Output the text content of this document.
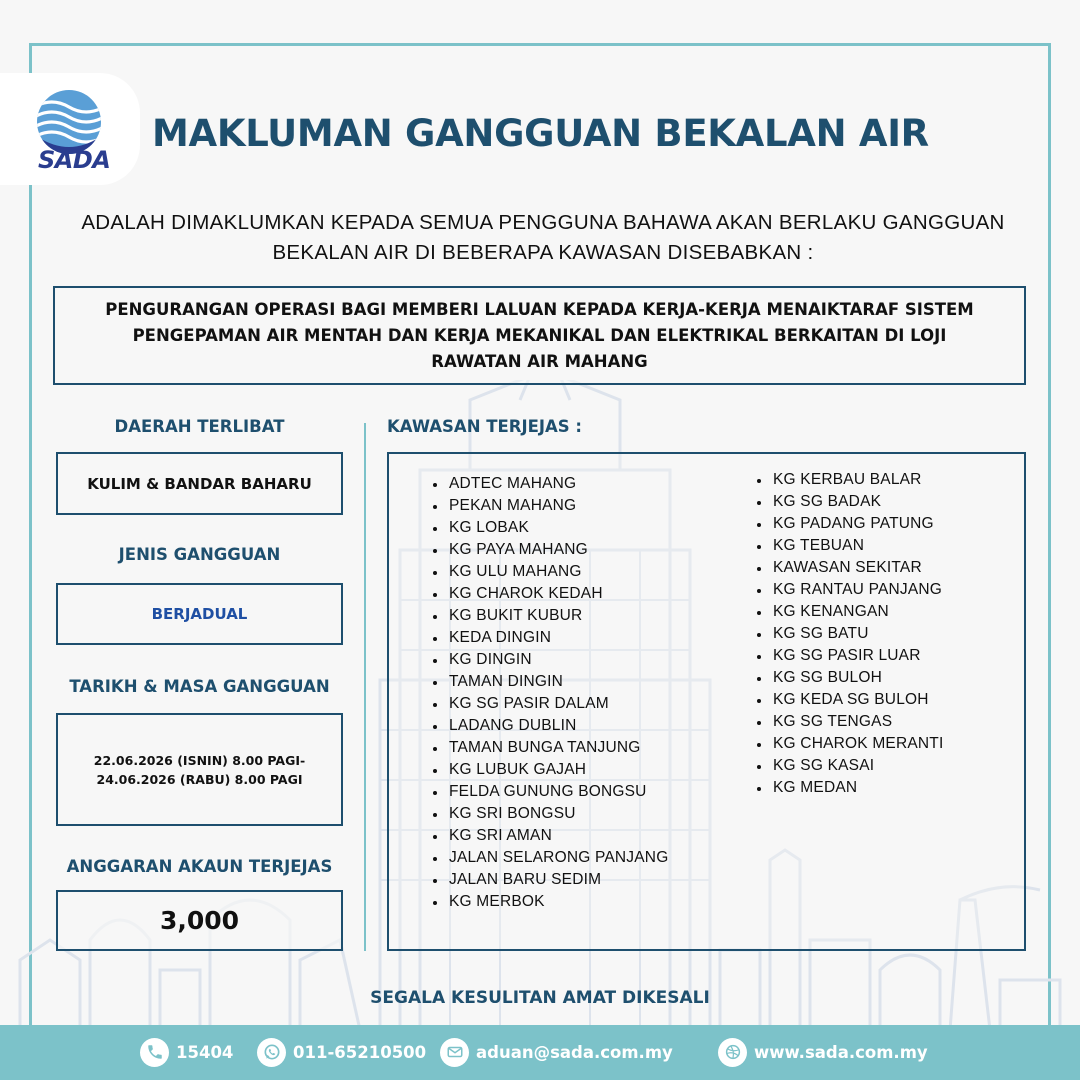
SADA
MAKLUMAN GANGGUAN BEKALAN AIR
ADALAH DIMAKLUMKAN KEPADA SEMUA PENGGUNA BAHAWA AKAN BERLAKU GANGGUAN BEKALAN AIR DI BEBERAPA KAWASAN DISEBABKAN :
PENGURANGAN OPERASI BAGI MEMBERI LALUAN KEPADA KERJA-KERJA MENAIKTARAF SISTEM PENGEPAMAN AIR MENTAH DAN KERJA MEKANIKAL DAN ELEKTRIKAL BERKAITAN DI LOJI RAWATAN AIR MAHANG
DAERAH TERLIBAT
KULIM & BANDAR BAHARU
JENIS GANGGUAN
BERJADUAL
TARIKH & MASA GANGGUAN
22.06.2026 (ISNIN) 8.00 PAGI- 24.06.2026 (RABU) 8.00 PAGI
ANGGARAN AKAUN TERJEJAS
3,000
KAWASAN TERJEJAS :
ADTEC MAHANG
PEKAN MAHANG
KG LOBAK
KG PAYA MAHANG
KG ULU MAHANG
KG CHAROK KEDAH
KG BUKIT KUBUR
KEDA DINGIN
KG DINGIN
TAMAN DINGIN
KG SG PASIR DALAM
LADANG DUBLIN
TAMAN BUNGA TANJUNG
KG LUBUK GAJAH
FELDA GUNUNG BONGSU
KG SRI BONGSU
KG SRI AMAN
JALAN SELARONG PANJANG
JALAN BARU SEDIM
KG MERBOK
KG KERBAU BALAR
KG SG BADAK
KG PADANG PATUNG
KG TEBUAN
KAWASAN SEKITAR
KG RANTAU PANJANG
KG KENANGAN
KG SG BATU
KG SG PASIR LUAR
KG SG BULOH
KG KEDA SG BULOH
KG SG TENGAS
KG CHAROK MERANTI
KG SG KASAI
KG MEDAN
SEGALA KESULITAN AMAT DIKESALI
15404	011-65210500	aduan@sada.com.my	www.sada.com.my
